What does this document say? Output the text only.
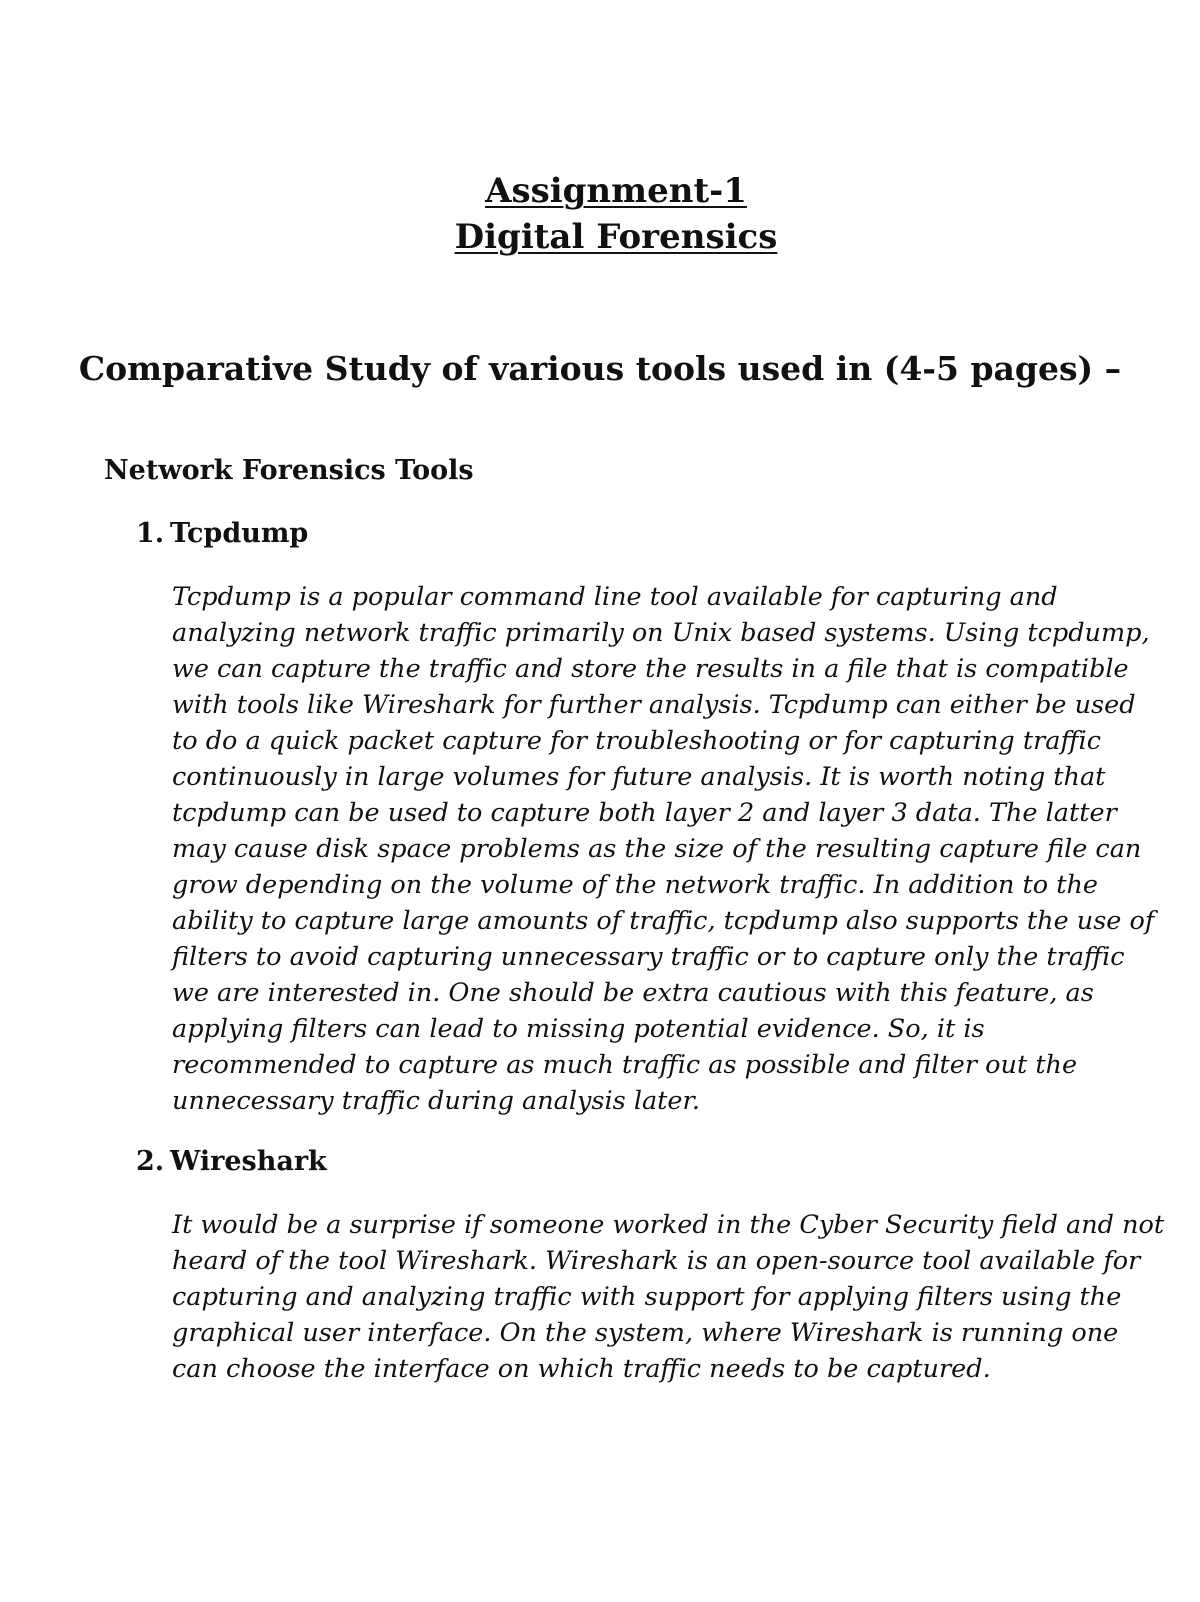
Assignment-1
Digital Forensics
Comparative Study of various tools used in (4-5 pages) –
Network Forensics Tools
1. Tcpdump
Tcpdump is a popular command line tool available for capturing and
analyzing network traffic primarily on Unix based systems. Using tcpdump,
we can capture the traffic and store the results in a file that is compatible
with tools like Wireshark for further analysis. Tcpdump can either be used
to do a quick packet capture for troubleshooting or for capturing traffic
continuously in large volumes for future analysis. It is worth noting that
tcpdump can be used to capture both layer 2 and layer 3 data. The latter
may cause disk space problems as the size of the resulting capture file can
grow depending on the volume of the network traffic. In addition to the
ability to capture large amounts of traffic, tcpdump also supports the use of
filters to avoid capturing unnecessary traffic or to capture only the traffic
we are interested in. One should be extra cautious with this feature, as
applying filters can lead to missing potential evidence. So, it is
recommended to capture as much traffic as possible and filter out the
unnecessary traffic during analysis later.
2. Wireshark
It would be a surprise if someone worked in the Cyber Security field and not
heard of the tool Wireshark. Wireshark is an open-source tool available for
capturing and analyzing traffic with support for applying filters using the
graphical user interface. On the system, where Wireshark is running one
can choose the interface on which traffic needs to be captured.
